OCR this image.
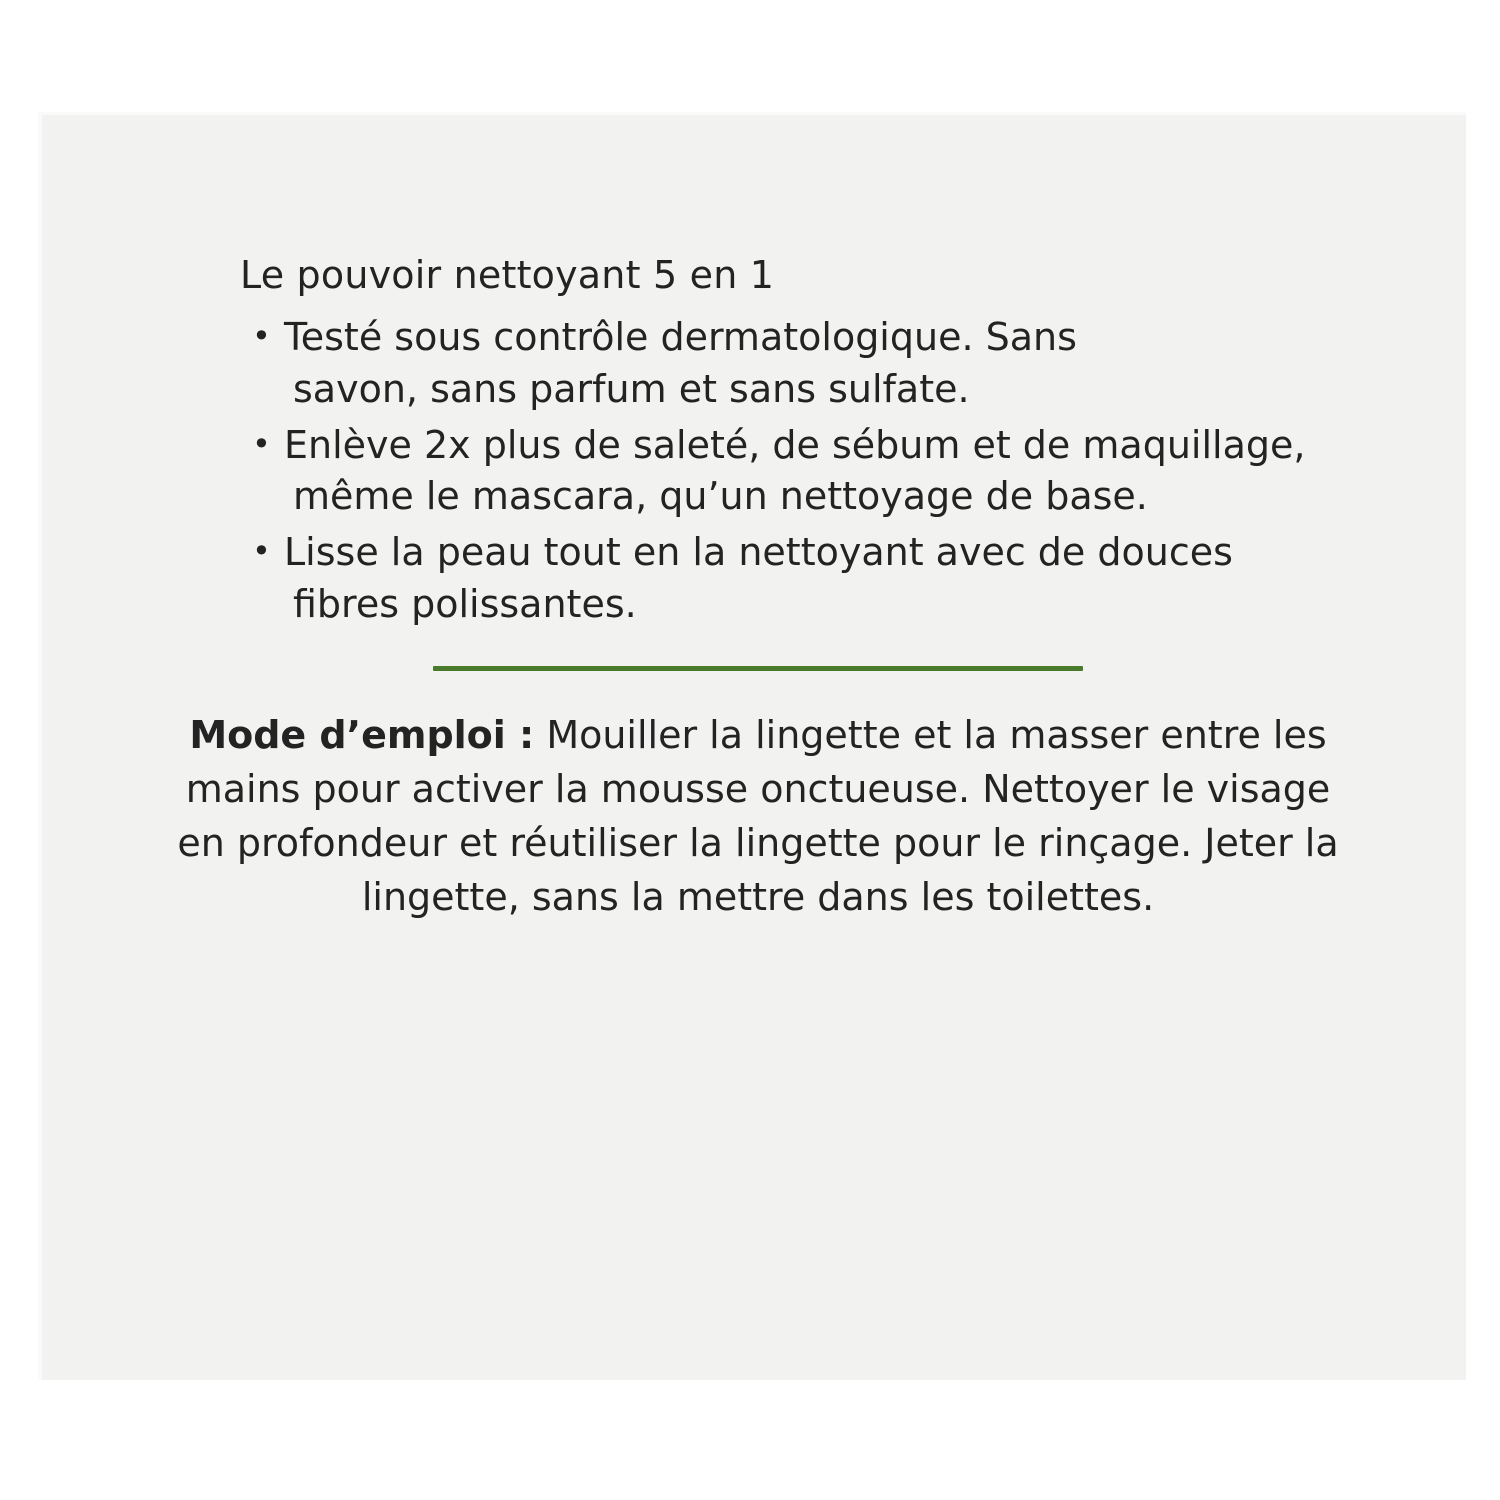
Le pouvoir nettoyant 5 en 1

• Testé sous contrôle dermatologique. Sans
savon, sans parfum et sans sulfate.
• Enlève 2x plus de saleté, de sébum et de maquillage,
même le mascara, qu’un nettoyage de base.
• Lisse la peau tout en la nettoyant avec de douces
fibres polissantes.

Mode d’emploi : Mouiller la lingette et la masser entre les mains pour activer la mousse onctueuse. Nettoyer le visage en profondeur et réutiliser la lingette pour le rinçage. Jeter la lingette, sans la mettre dans les toilettes.
